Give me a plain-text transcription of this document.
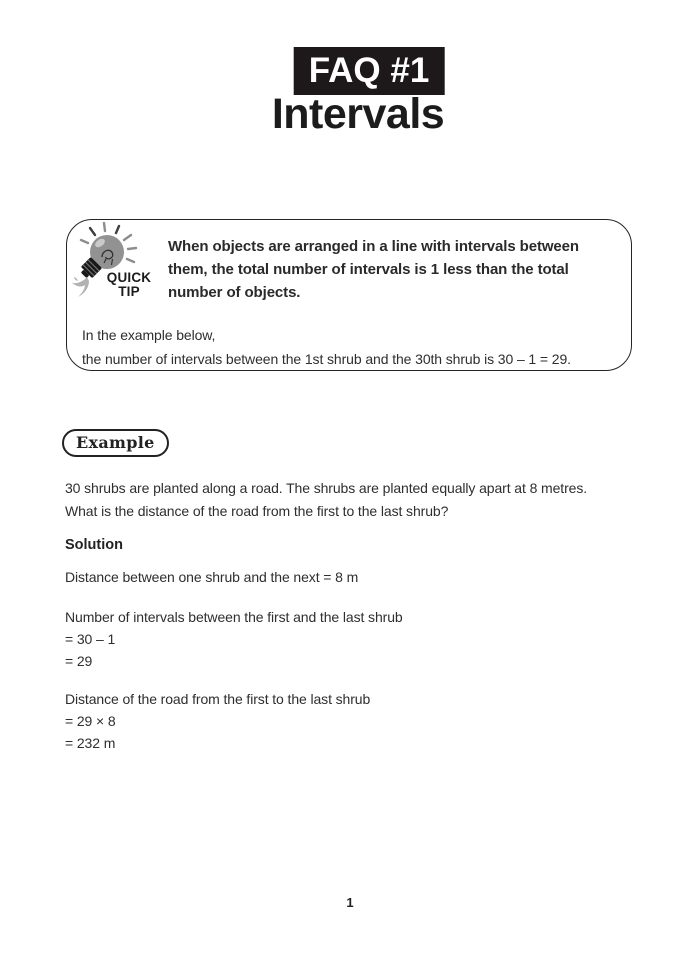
FAQ #1
Intervals
QUICK
TIP
When objects are arranged in a line with intervals between
them, the total number of intervals is 1 less than the total
number of objects.
In the example below,
the number of intervals between the 1st shrub and the 30th shrub is 30 – 1 = 29.
Example
30 shrubs are planted along a road. The shrubs are planted equally apart at 8 metres.
What is the distance of the road from the first to the last shrub?
Solution
Distance between one shrub and the next = 8 m
Number of intervals between the first and the last shrub
= 30 – 1
= 29
Distance of the road from the first to the last shrub
= 29 × 8
= 232 m
1
